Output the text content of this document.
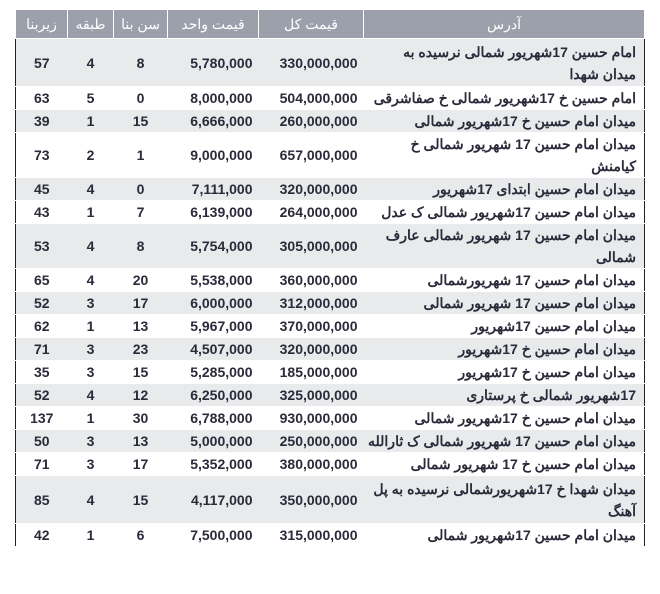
زیربنا	طبقه	سن بنا	قیمت واحد	قیمت کل	آدرس
57	4	8	5,780,000	330,000,000	امام حسین 17شهریور شمالی نرسیده به میدان شهدا
63	5	0	8,000,000	504,000,000	امام حسین خ 17شهریور شمالی خ صفاشرقی
39	1	15	6,666,000	260,000,000	میدان امام حسین خ 17شهریور شمالی
73	2	1	9,000,000	657,000,000	میدان امام حسین 17 شهریور شمالی خ کیامنش
45	4	0	7,111,000	320,000,000	میدان امام حسین ابتدای 17شهریور
43	1	7	6,139,000	264,000,000	میدان امام حسین 17شهریور شمالی ک عدل
53	4	8	5,754,000	305,000,000	میدان امام حسین 17 شهریور شمالی عارف شمالی
65	4	20	5,538,000	360,000,000	میدان امام حسین 17 شهریورشمالی
52	3	17	6,000,000	312,000,000	میدان امام حسین 17 شهریور شمالی
62	1	13	5,967,000	370,000,000	میدان امام حسین 17شهریور
71	3	23	4,507,000	320,000,000	میدان امام حسین خ 17شهریور
35	3	15	5,285,000	185,000,000	میدان امام حسین خ 17شهریور
52	4	12	6,250,000	325,000,000	17شهریور شمالی خ پرستاری
137	1	30	6,788,000	930,000,000	میدان امام حسین خ 17شهریور شمالی
50	3	13	5,000,000	250,000,000	میدان امام حسین 17 شهریور شمالی ک ثارالله
71	3	17	5,352,000	380,000,000	میدان امام حسین خ 17 شهریور شمالی
85	4	15	4,117,000	350,000,000	میدان شهدا خ 17شهریورشمالی نرسیده به پل آهنگ
42	1	6	7,500,000	315,000,000	میدان امام حسین 17شهریور شمالی
